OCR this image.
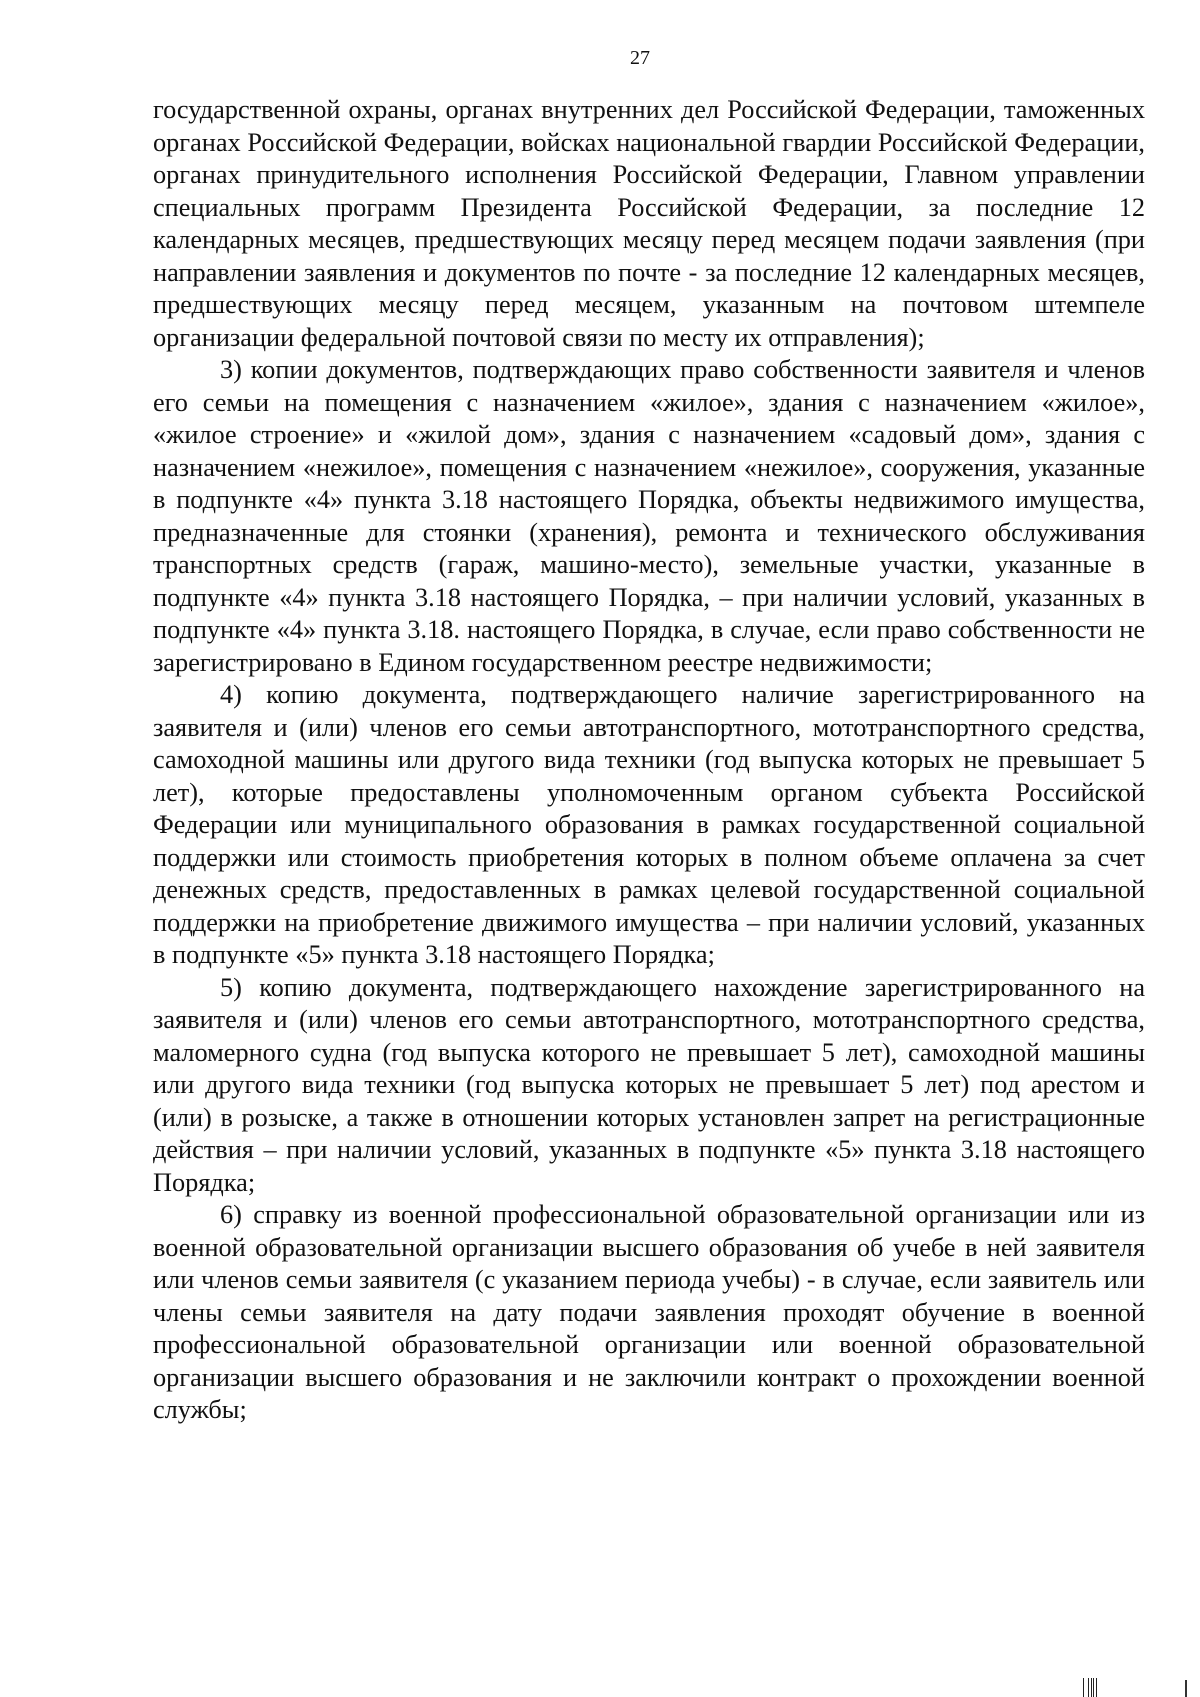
27

государственной охраны, органах внутренних дел Российской Федерации, таможенных органах Российской Федерации, войсках национальной гвардии Российской Федерации, органах принудительного исполнения Российской Федерации, Главном управлении специальных программ Президента Российской Федерации, за последние 12 календарных месяцев, предшествующих месяцу перед месяцем подачи заявления (при направлении заявления и документов по почте - за последние 12 календарных месяцев, предшествующих месяцу перед месяцем, указанным на почтовом штемпеле организации федеральной почтовой связи по месту их отправления);

3) копии документов, подтверждающих право собственности заявителя и членов его семьи на помещения с назначением «жилое», здания с назначением «жилое», «жилое строение» и «жилой дом», здания с назначением «садовый дом», здания с назначением «нежилое», помещения с назначением «нежилое», сооружения, указанные в подпункте «4» пункта 3.18 настоящего Порядка, объекты недвижимого имущества, предназначенные для стоянки (хранения), ремонта и технического обслуживания транспортных средств (гараж, машино-место), земельные участки, указанные в подпункте «4» пункта 3.18 настоящего Порядка, – при наличии условий, указанных в подпункте «4» пункта 3.18. настоящего Порядка, в случае, если право собственности не зарегистрировано в Едином государственном реестре недвижимости;

4) копию документа, подтверждающего наличие зарегистрированного на заявителя и (или) членов его семьи автотранспортного, мототранспортного средства, самоходной машины или другого вида техники (год выпуска которых не превышает 5 лет), которые предоставлены уполномоченным органом субъекта Российской Федерации или муниципального образования в рамках государственной социальной поддержки или стоимость приобретения которых в полном объеме оплачена за счет денежных средств, предоставленных в рамках целевой государственной социальной поддержки на приобретение движимого имущества – при наличии условий, указанных в подпункте «5» пункта 3.18 настоящего Порядка;

5) копию документа, подтверждающего нахождение зарегистрированного на заявителя и (или) членов его семьи автотранспортного, мототранспортного средства, маломерного судна (год выпуска которого не превышает 5 лет), самоходной машины или другого вида техники (год выпуска которых не превышает 5 лет) под арестом и (или) в розыске, а также в отношении которых установлен запрет на регистрационные действия – при наличии условий, указанных в подпункте «5» пункта 3.18 настоящего Порядка;

6) справку из военной профессиональной образовательной организации или из военной образовательной организации высшего образования об учебе в ней заявителя или членов семьи заявителя (с указанием периода учебы) - в случае, если заявитель или члены семьи заявителя на дату подачи заявления проходят обучение в военной профессиональной образовательной организации или военной образовательной организации высшего образования и не заключили контракт о прохождении военной службы;
